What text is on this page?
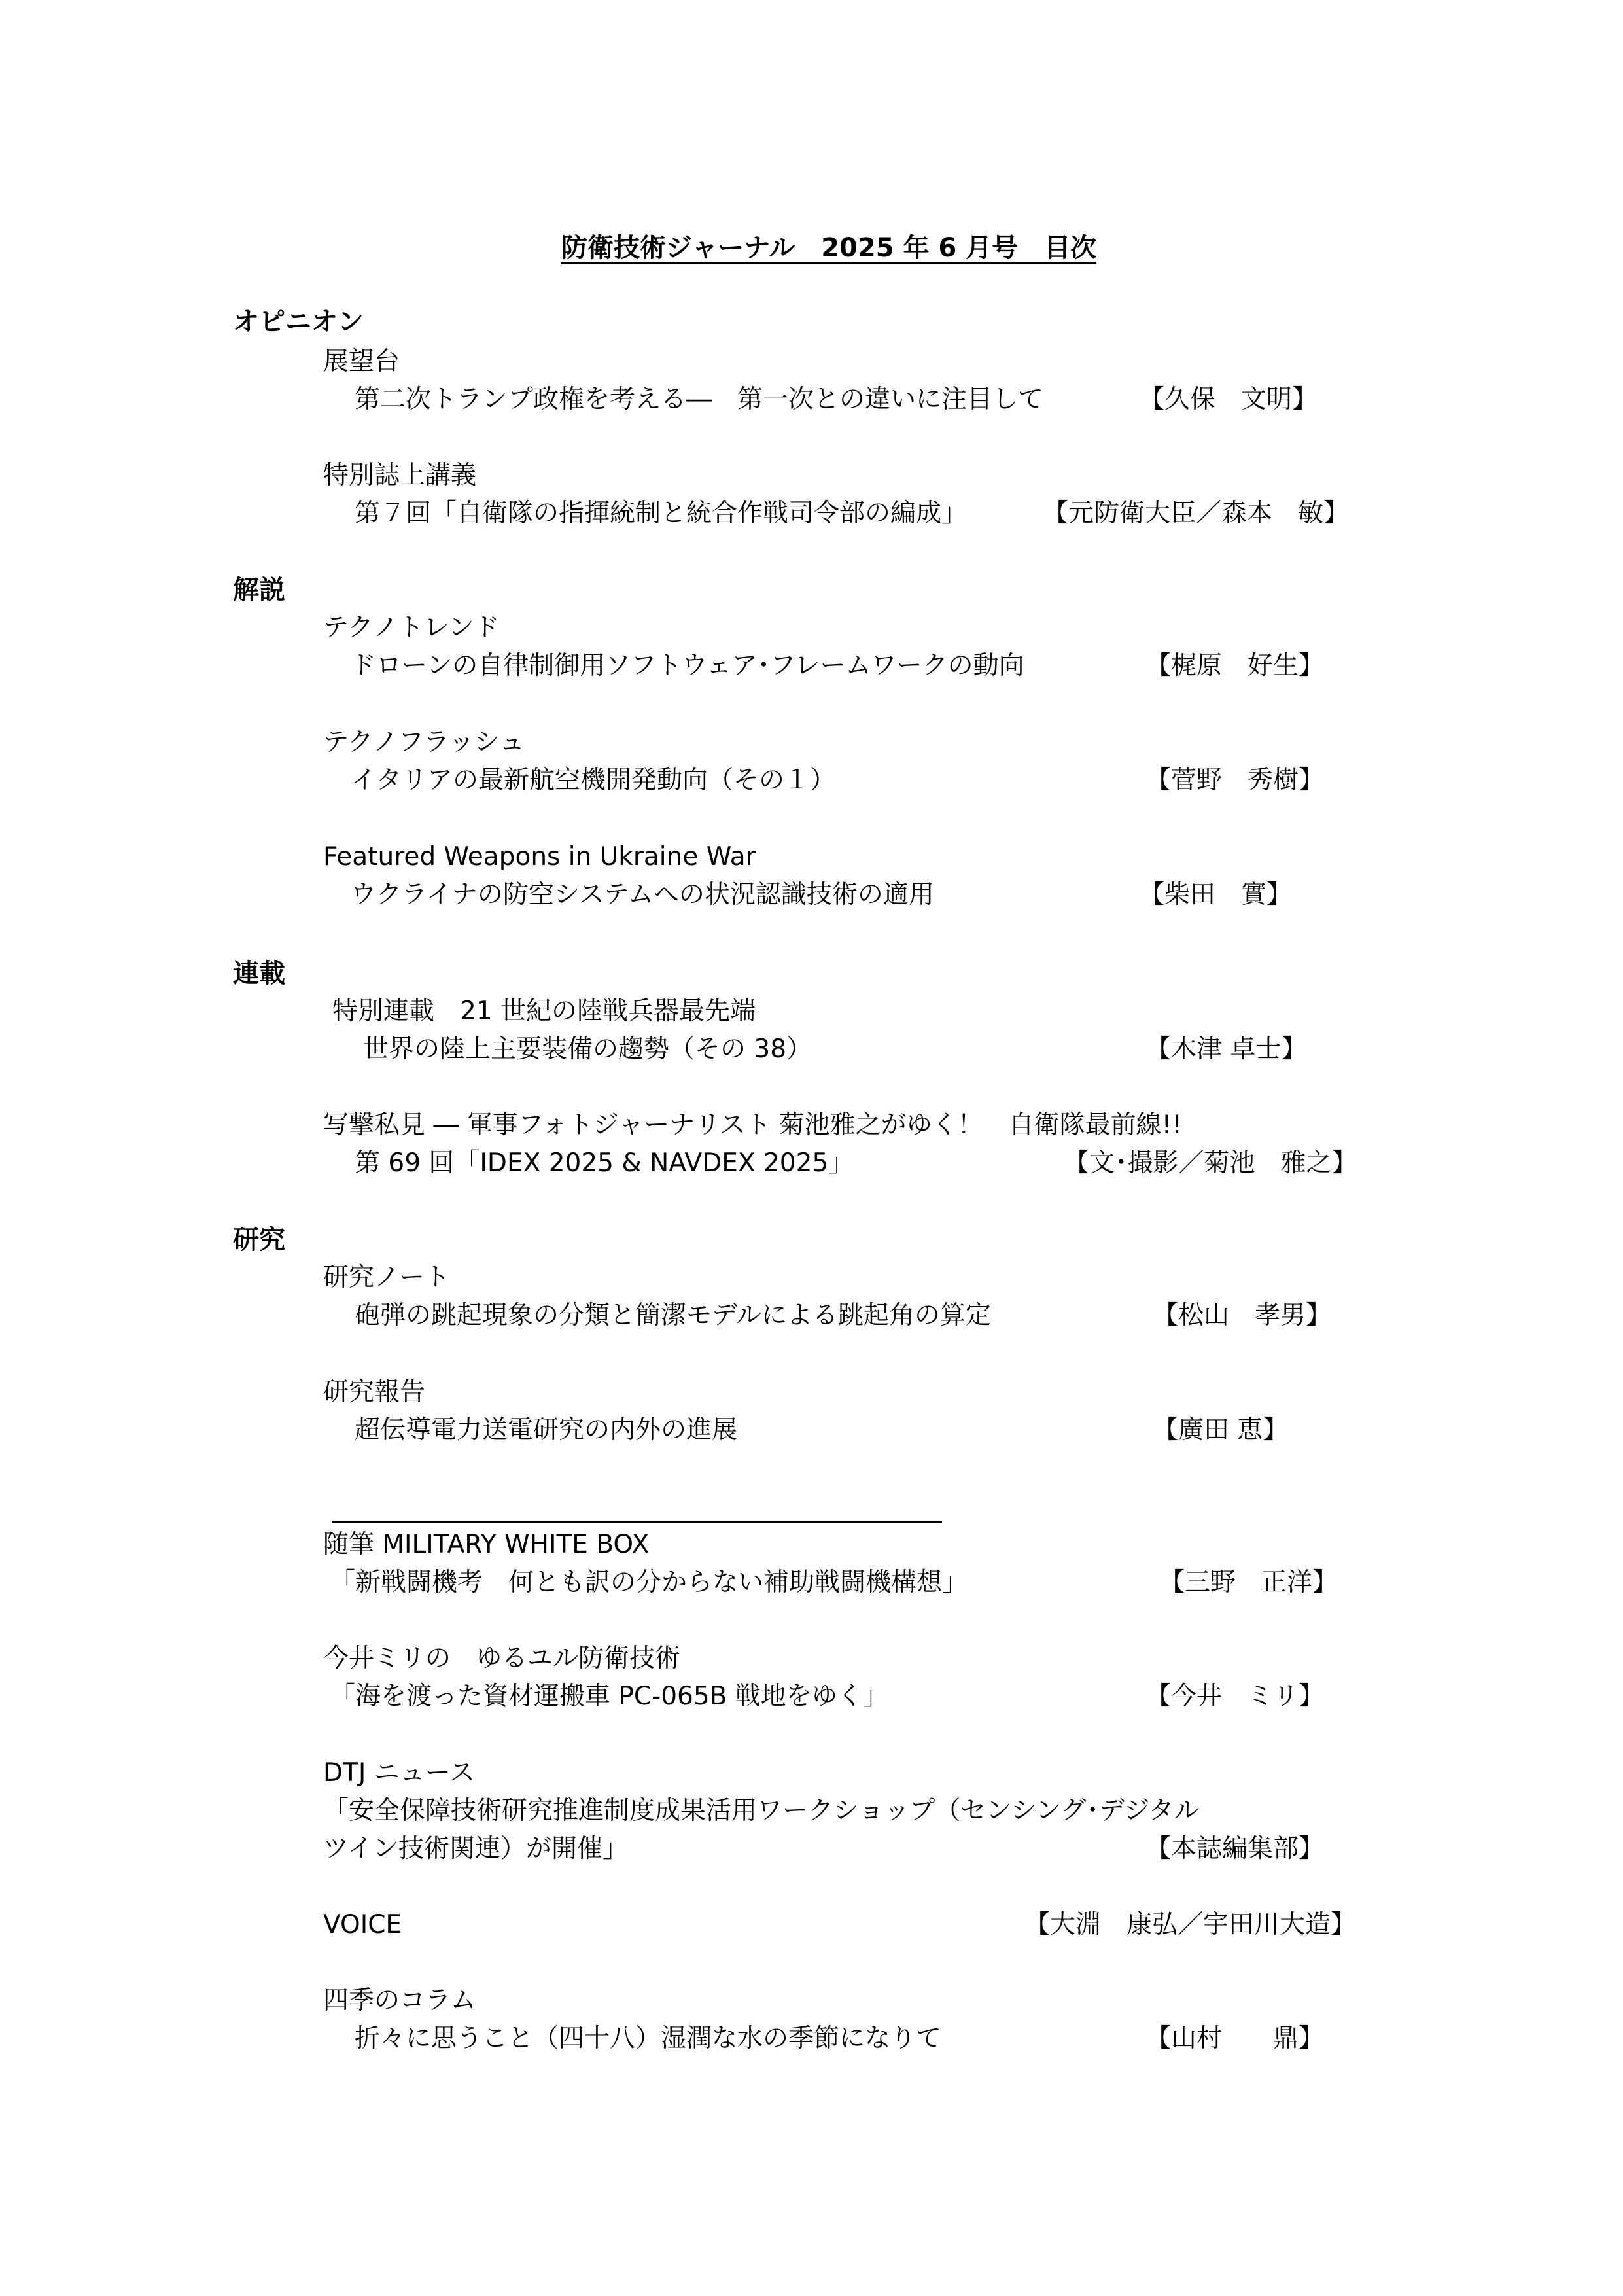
防衛技術ジャーナル　2025 年 6 月号　目次
オピニオン
展望台
第二次トランプ政権を考える―　第一次との違いに注目して	【久保　文明】
特別誌上講義
第７回「自衛隊の指揮統制と統合作戦司令部の編成」	【元防衛大臣／森本　敏】
解説
テクノトレンド
ドローンの自律制御用ソフトウェア･フレームワークの動向	【梶原　好生】
テクノフラッシュ
イタリアの最新航空機開発動向（その１）	【菅野　秀樹】
Featured Weapons in Ukraine War
ウクライナの防空システムへの状況認識技術の適用	【柴田　實】
連載
特別連載　21 世紀の陸戦兵器最先端
世界の陸上主要装備の趨勢（その 38）	【木津 卓士】
写撃私見 ― 軍事フォトジャーナリスト 菊池雅之がゆく！　自衛隊最前線!!
第 69 回「IDEX 2025 & NAVDEX 2025」	【文･撮影／菊池　雅之】
研究
研究ノート
砲弾の跳起現象の分類と簡潔モデルによる跳起角の算定	【松山　孝男】
研究報告
超伝導電力送電研究の内外の進展	【廣田 恵】
随筆 MILITARY WHITE BOX
「新戦闘機考　何とも訳の分からない補助戦闘機構想」	【三野　正洋】
今井ミリの　ゆるユル防衛技術
「海を渡った資材運搬車 PC-065B 戦地をゆく」	【今井　ミリ】
DTJ ニュース
「安全保障技術研究推進制度成果活用ワークショップ（センシング･デジタル
ツイン技術関連）が開催」	【本誌編集部】
VOICE	【大淵　康弘／宇田川大造】
四季のコラム
折々に思うこと（四十八）湿潤な水の季節になりて	【山村　　鼎】
